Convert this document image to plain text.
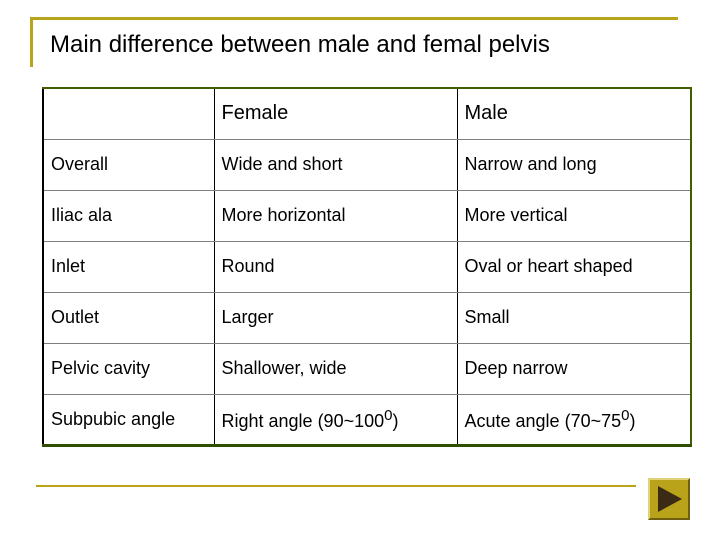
Main difference between male and femal pelvis
	Female	Male
Overall	Wide and short	Narrow and long
Iliac ala	More horizontal	More vertical
Inlet	Round	Oval or heart shaped
Outlet	Larger	Small
Pelvic cavity	Shallower, wide	Deep narrow
Subpubic angle	Right angle $(90\sim 100^0)$	Acute angle $(70\sim 75^0)$
